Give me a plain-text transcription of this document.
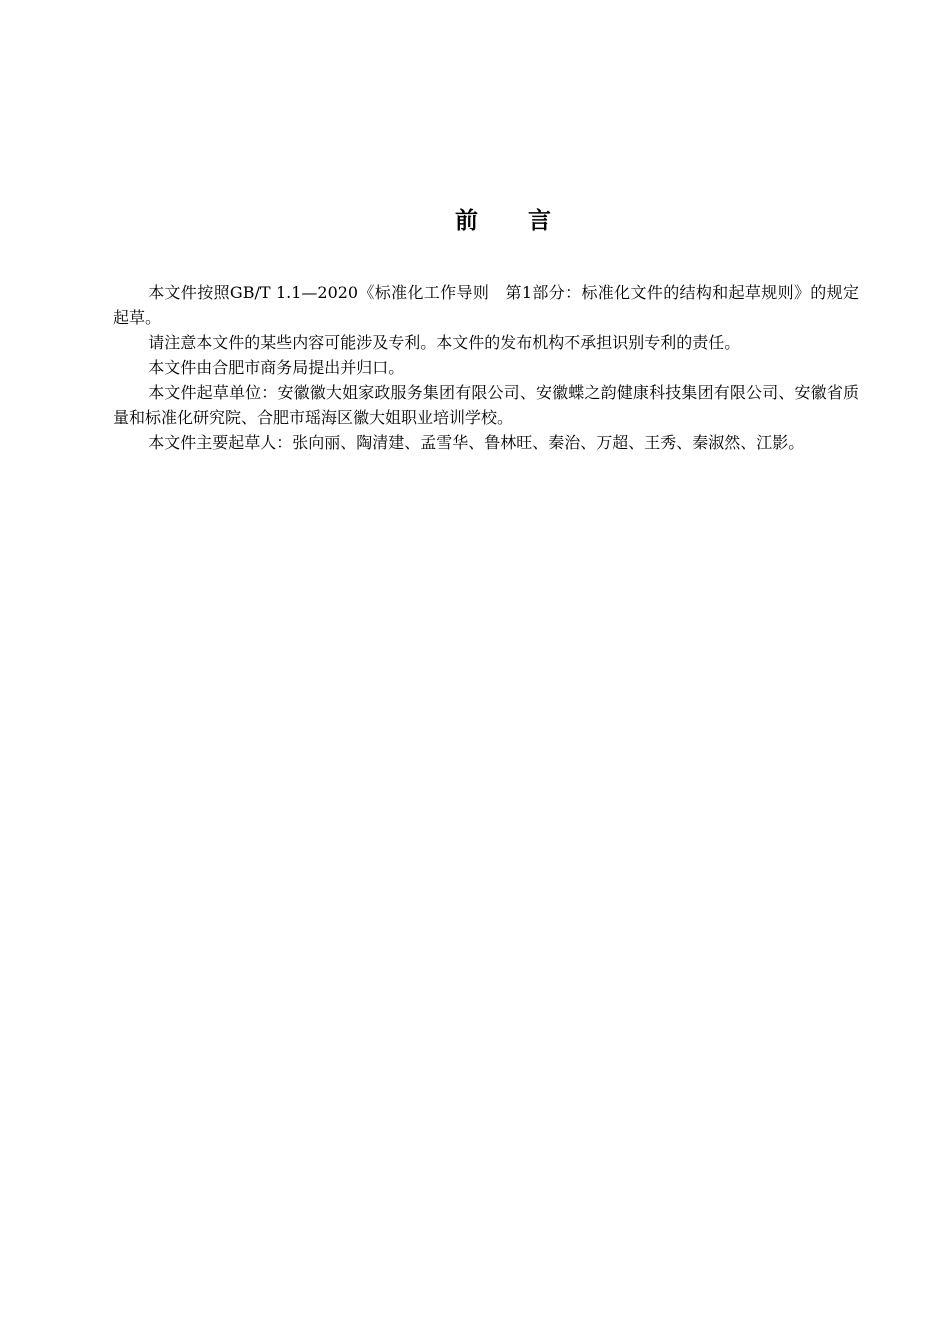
前 言

本文件按照GB/T 1.1—2020《标准化工作导则　第1部分：标准化文件的结构和起草规则》的规定起草。

请注意本文件的某些内容可能涉及专利。本文件的发布机构不承担识别专利的责任。

本文件由合肥市商务局提出并归口。

本文件起草单位：安徽徽大姐家政服务集团有限公司、安徽蝶之韵健康科技集团有限公司、安徽省质量和标准化研究院、合肥市瑶海区徽大姐职业培训学校。

本文件主要起草人：张向丽、陶清建、孟雪华、鲁林旺、秦治、万超、王秀、秦淑然、江影。
